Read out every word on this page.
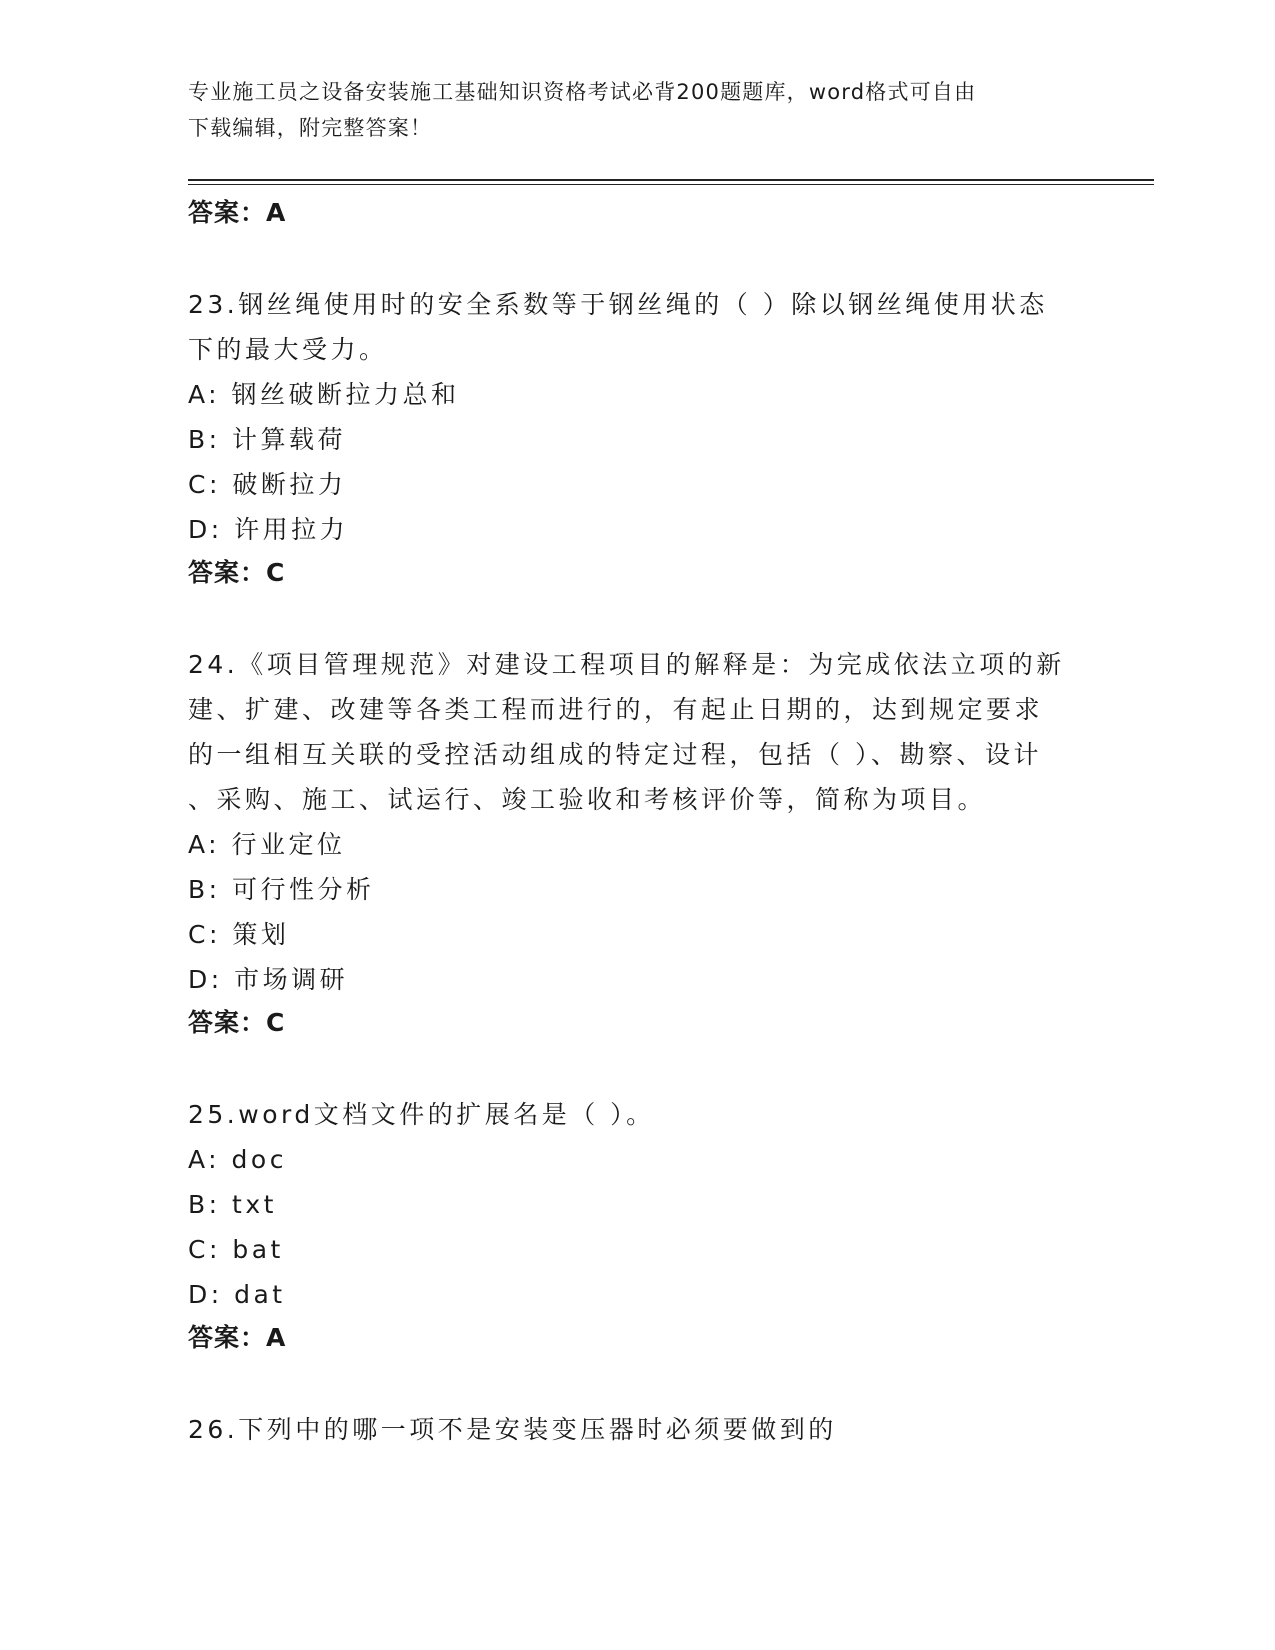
专业施工员之设备安装施工基础知识资格考试必背200题题库，word格式可自由
下载编辑，附完整答案！
答案：A
23.钢丝绳使用时的安全系数等于钢丝绳的（ ）除以钢丝绳使用状态
下的最大受力。
A: 钢丝破断拉力总和
B: 计算载荷
C: 破断拉力
D: 许用拉力
答案：C
24.《项目管理规范》对建设工程项目的解释是：为完成依法立项的新
建、扩建、改建等各类工程而进行的，有起止日期的，达到规定要求
的一组相互关联的受控活动组成的特定过程，包括（ ）、勘察、设计
、采购、施工、试运行、竣工验收和考核评价等，简称为项目。
A: 行业定位
B: 可行性分析
C: 策划
D: 市场调研
答案：C
25.word文档文件的扩展名是（ ）。
A: doc
B: txt
C: bat
D: dat
答案：A
26.下列中的哪一项不是安装变压器时必须要做到的
